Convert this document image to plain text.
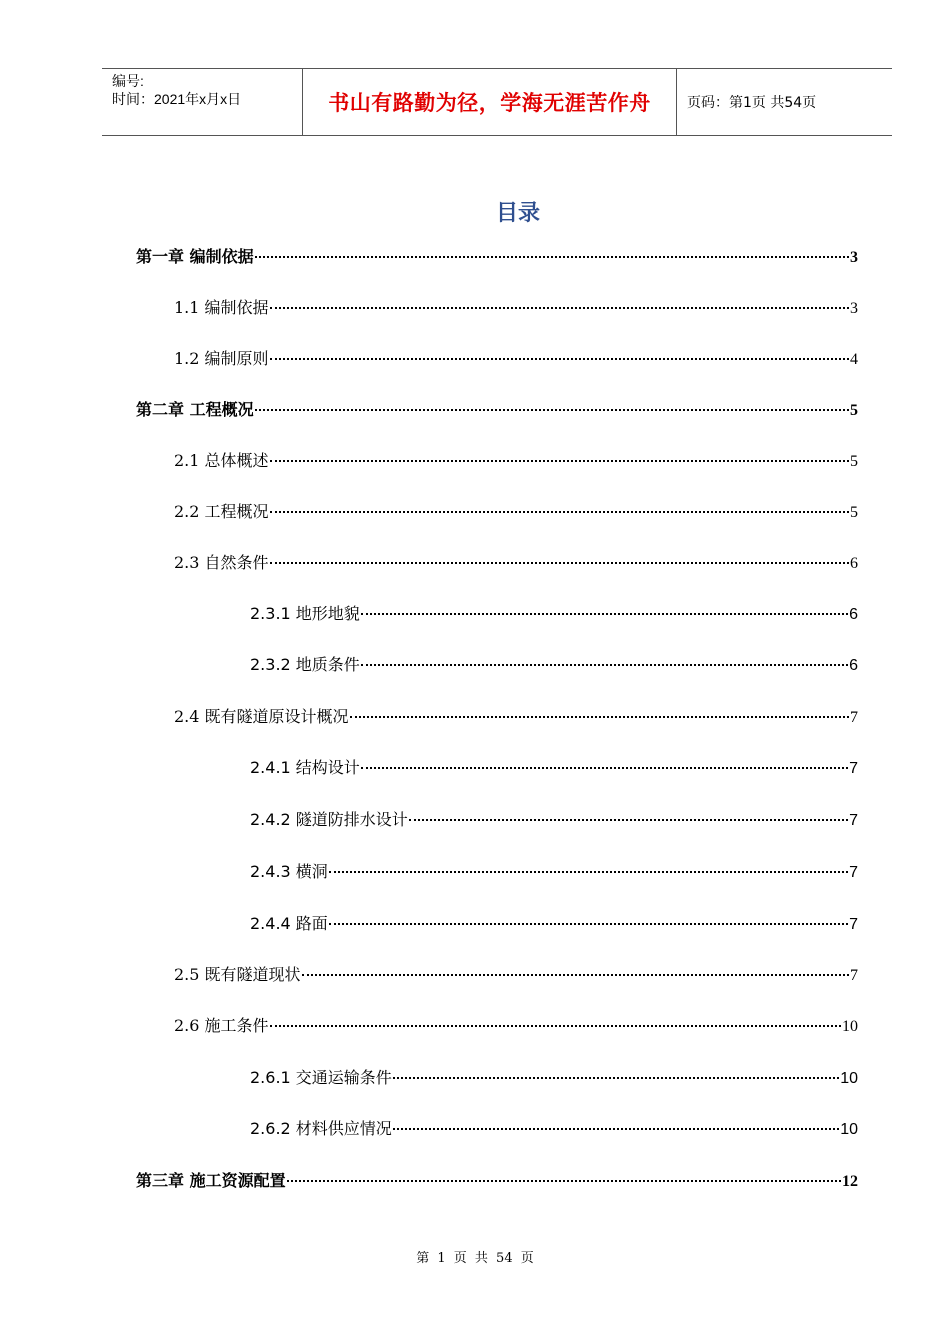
编号:
时间：2021年x月x日	书山有路勤为径，学海无涯苦作舟	页码：第1页 共54页
目录
第一章 编制依据	3
1.1 编制依据	3
1.2 编制原则	4
第二章 工程概况	5
2.1 总体概述	5
2.2 工程概况	5
2.3 自然条件	6
2.3.1 地形地貌	6
2.3.2 地质条件	6
2.4 既有隧道原设计概况	7
2.4.1 结构设计	7
2.4.2 隧道防排水设计	7
2.4.3 横洞	7
2.4.4 路面	7
2.5 既有隧道现状	7
2.6 施工条件	10
2.6.1 交通运输条件	10
2.6.2 材料供应情况	10
第三章 施工资源配置	12
第 1 页 共 54 页
